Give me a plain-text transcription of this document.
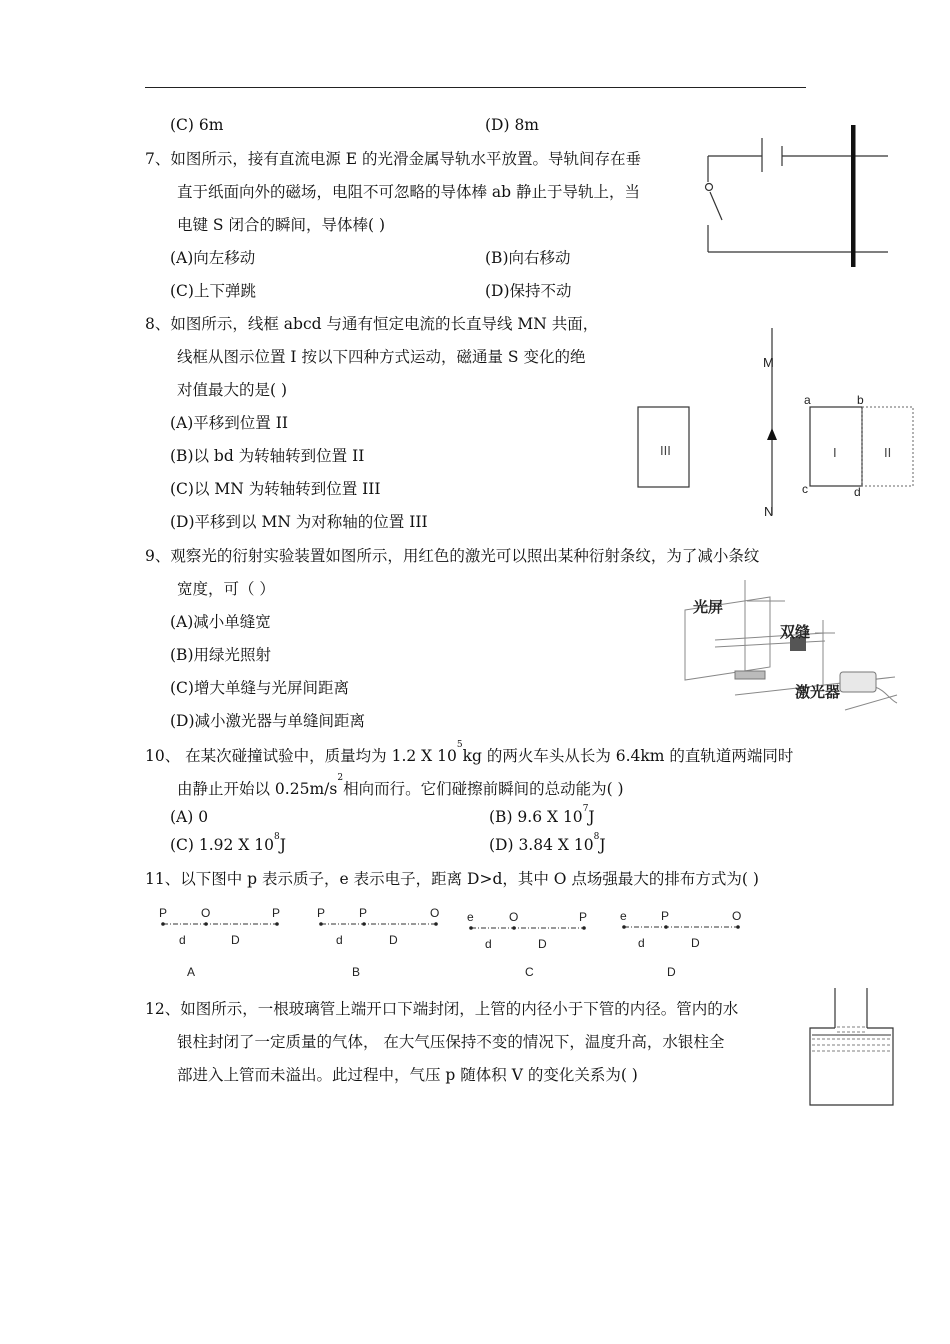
(C) 6m	(D) 8m
7、如图所示，接有直流电源 E 的光滑金属导轨水平放置。导轨间存在垂
直于纸面向外的磁场，电阻不可忽略的导体棒 ab 静止于导轨上，当
电键 S 闭合的瞬间，导体棒( )
(A)向左移动	(B)向右移动
(C)上下弹跳	(D)保持不动
8、如图所示，线框 abcd 与通有恒定电流的长直导线 MN 共面，
线框从图示位置 I 按以下四种方式运动，磁通量 S 变化的绝
对值最大的是( )
(A)平移到位置 II
(B)以 bd 为转轴转到位置 II
(C)以 MN 为转轴转到位置 III
(D)平移到以 MN 为对称轴的位置 III
III
M
N
a	b
c	d
I	II
9、观察光的衍射实验装置如图所示，用红色的激光可以照出某种衍射条纹，为了减小条纹
宽度，可（ ）
(A)减小单缝宽
(B)用绿光照射
(C)增大单缝与光屏间距离
(D)减小激光器与单缝间距离
光屏
双缝
激光器
10、 在某次碰撞试验中，质量均为 1.2 X $10^5kg$ 的两火车头从长为 6.4km 的直轨道两端同时
由静止开始以 $0.25m/s^2$相向而行。它们碰擦前瞬间的总动能为( )
(A) 0	(B) 9.6 X $10^7J$
(C) 1.92 X $10^8J$	(D) 3.84 X $10^8J$
11、以下图中 p 表示质子，e 表示电子，距离 D>d，其中 O 点场强最大的排布方式为( )
P	O	P
d	D
A
P	P	O
d	D
B
e	O	P
d	D
C
e	P	O
d	D
D
12、如图所示，一根玻璃管上端开口下端封闭，上管的内径小于下管的内径。管内的水
银柱封闭了一定质量的气体， 在大气压保持不变的情况下，温度升高，水银柱全
部进入上管而未溢出。此过程中，气压 p 随体积 V 的变化关系为( )
